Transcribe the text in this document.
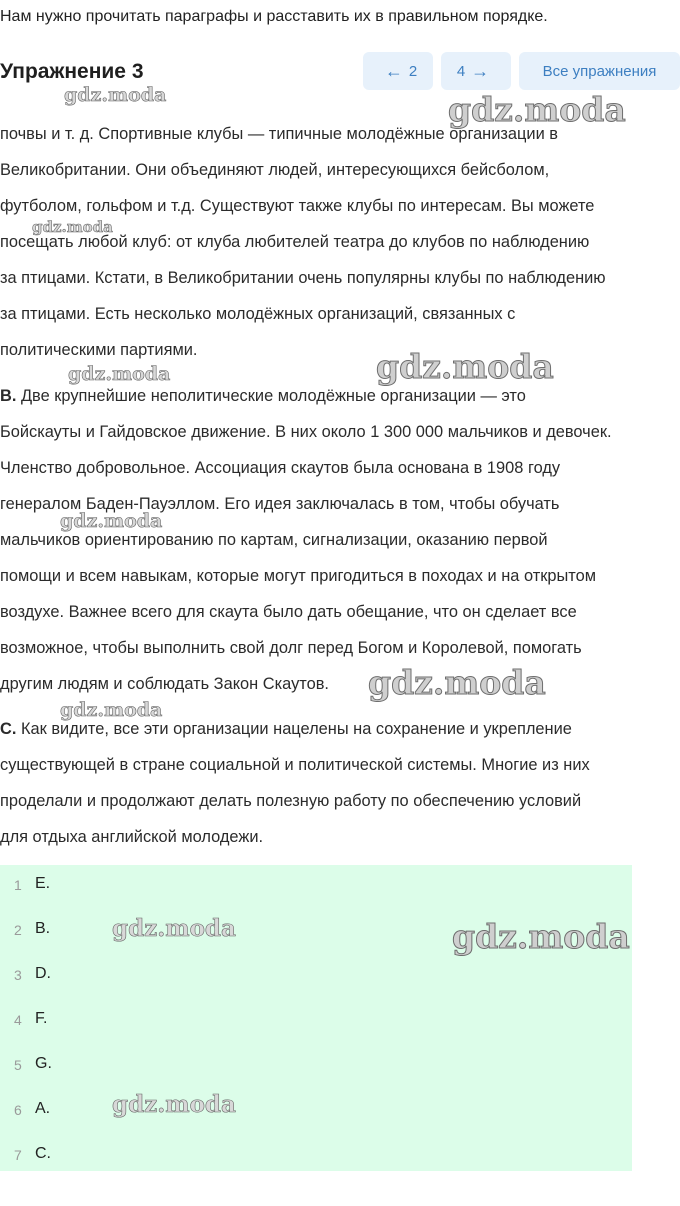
Нам нужно прочитать параграфы и расставить их в правильном порядке.
Упражнение 3	← 2	4 →	Все упражнения

почвы и т. д. Спортивные клубы — типичные молодёжные организации в

Великобритании. Они объединяют людей, интересующихся бейсболом,

футболом, гольфом и т.д. Существуют также клубы по интересам. Вы можете

посещать любой клуб: от клуба любителей театра до клубов по наблюдению

за птицами. Кстати, в Великобритании очень популярны клубы по наблюдению

за птицами. Есть несколько молодёжных организаций, связанных с

политическими партиями.

B. Две крупнейшие неполитические молодёжные организации — это

Бойскауты и Гайдовское движение. В них около 1 300 000 мальчиков и девочек.

Членство добровольное. Ассоциация скаутов была основана в 1908 году

генералом Баден-Пауэллом. Его идея заключалась в том, чтобы обучать

мальчиков ориентированию по картам, сигнализации, оказанию первой

помощи и всем навыкам, которые могут пригодиться в походах и на открытом

воздухе. Важнее всего для скаута было дать обещание, что он сделает все

возможное, чтобы выполнить свой долг перед Богом и Королевой, помогать

другим людям и соблюдать Закон Скаутов.

C. Как видите, все эти организации нацелены на сохранение и укрепление

существующей в стране социальной и политической системы. Многие из них

проделали и продолжают делать полезную работу по обеспечению условий

для отдыха английской молодежи.

1 E.
2 B.
3 D.
4 F.
5 G.
6 A.
7 C.
gdz.moda	gdz.moda
gdz.moda
gdz.moda
gdz.moda
gdz.moda
gdz.moda
gdz.moda
gdz.moda	gdz.moda
gdz.moda
